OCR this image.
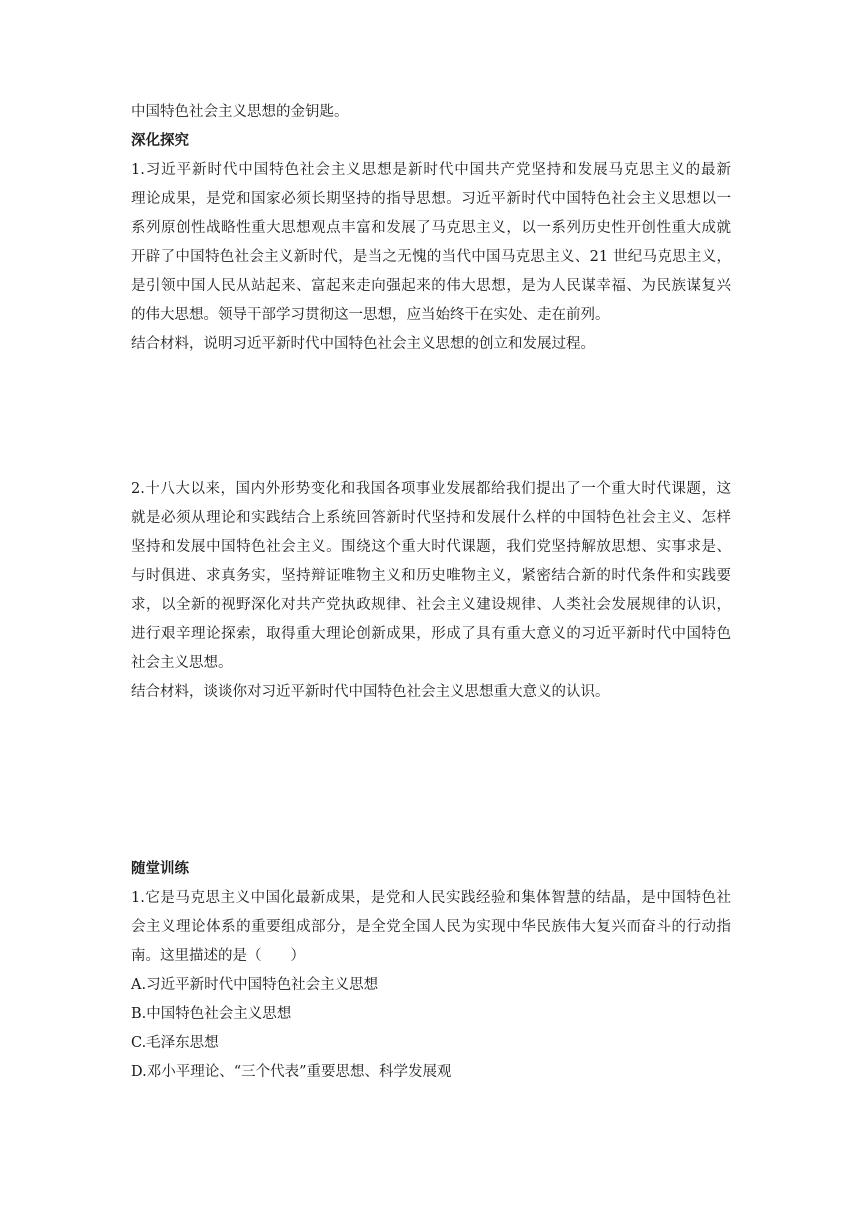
中国特色社会主义思想的金钥匙。

深化探究

1.习近平新时代中国特色社会主义思想是新时代中国共产党坚持和发展马克思主义的最新

理论成果，是党和国家必须长期坚持的指导思想。习近平新时代中国特色社会主义思想以一

系列原创性战略性重大思想观点丰富和发展了马克思主义，以一系列历史性开创性重大成就

开辟了中国特色社会主义新时代，是当之无愧的当代中国马克思主义、21 世纪马克思主义，

是引领中国人民从站起来、富起来走向强起来的伟大思想，是为人民谋幸福、为民族谋复兴

的伟大思想。领导干部学习贯彻这一思想，应当始终干在实处、走在前列。

结合材料，说明习近平新时代中国特色社会主义思想的创立和发展过程。

2.十八大以来，国内外形势变化和我国各项事业发展都给我们提出了一个重大时代课题，这

就是必须从理论和实践结合上系统回答新时代坚持和发展什么样的中国特色社会主义、怎样

坚持和发展中国特色社会主义。围绕这个重大时代课题，我们党坚持解放思想、实事求是、

与时俱进、求真务实，坚持辩证唯物主义和历史唯物主义，紧密结合新的时代条件和实践要

求，以全新的视野深化对共产党执政规律、社会主义建设规律、人类社会发展规律的认识，

进行艰辛理论探索，取得重大理论创新成果，形成了具有重大意义的习近平新时代中国特色

社会主义思想。

结合材料，谈谈你对习近平新时代中国特色社会主义思想重大意义的认识。

随堂训练

1.它是马克思主义中国化最新成果，是党和人民实践经验和集体智慧的结晶，是中国特色社

会主义理论体系的重要组成部分，是全党全国人民为实现中华民族伟大复兴而奋斗的行动指

南。这里描述的是（　　）

A.习近平新时代中国特色社会主义思想

B.中国特色社会主义思想

C.毛泽东思想

D.邓小平理论、“三个代表”重要思想、科学发展观
